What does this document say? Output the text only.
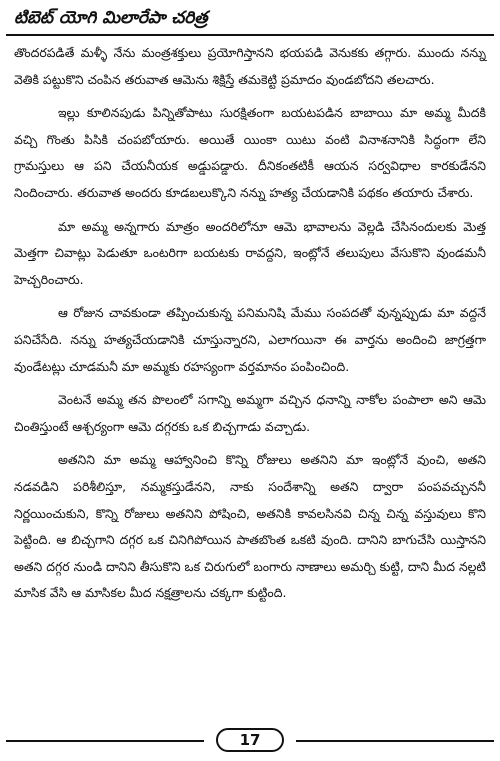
టిబెట్ యోగి మిలారేపా చరిత్ర

తొందరపడితే మళ్ళీ నేను మంత్రశక్తులు ప్రయోగిస్తానని భయపడి వెనుకకు తగ్గారు. ముందు నన్ను వెతికి పట్టుకొని చంపిన తరువాత ఆమెను శిక్షిస్తే తమకెట్టి ప్రమాదం వుండబోదని తలచారు.

ఇల్లు కూలినపుడు పిన్నితోపాటు సురక్షితంగా బయటపడిన బాబాయి మా అమ్మ మీదకి వచ్చి గొంతు పిసికి చంపబోయారు. అయితే యింకా యిటు వంటి వినాశనానికి సిద్ధంగా లేని గ్రామస్తులు ఆ పని చేయనీయక అడ్డుపడ్డారు. దీనికంతటికీ ఆయన సర్వవిధాల కారకుడేనని నిందించారు. తరువాత అందరు కూడబలుక్కొని నన్ను హత్య చేయడానికి పథకం తయారు చేశారు.

మా అమ్మ అన్నగారు మాత్రం అందరిలోనూ ఆమె భావాలను వెల్లడి చేసినందులకు మెత్త మెత్తగా చివాట్లు పెడుతూ ఒంటరిగా బయటకు రావద్దని, ఇంట్లోనే తలుపులు వేసుకొని వుండమనీ హెచ్చరించారు.

ఆ రోజున చావకుండా తప్పించుకున్న పనిమనిషి మేము సంపదతో వున్నప్పుడు మా వద్దనే పనిచేసేది. నన్ను హత్యచేయడానికి చూస్తున్నారని, ఎలాగయినా ఈ వార్తను అందించి జాగ్రత్తగా వుండేటట్లు చూడమనీ మా అమ్మకు రహస్యంగా వర్తమానం పంపించింది.

వెంటనే అమ్మ తన పొలంలో సగాన్ని అమ్మగా వచ్చిన ధనాన్ని నాకోల పంపాలా అని ఆమె చింతిస్తుంటే ఆశ్చర్యంగా ఆమె దగ్గరకు ఒక బిచ్చగాడు వచ్చాడు.

అతనిని మా అమ్మ ఆహ్వానించి కొన్ని రోజులు అతనిని మా ఇంట్లోనే వుంచి, అతని నడవడిని పరిశీలిస్తూ, నమ్మకస్తుడేనని, నాకు సందేశాన్ని అతని ద్వారా పంపవచ్చుననీ నిర్ణయించుకుని, కొన్ని రోజులు అతనిని పోషించి, అతనికి కావలసినవి చిన్న చిన్న వస్తువులు కొని పెట్టింది. ఆ బిచ్చగాని దగ్గర ఒక చినిగిపోయిన పాతబొంత ఒకటి వుంది. దానిని బాగుచేసి యిస్తానని అతని దగ్గర నుండి దానిని తీసుకొని ఒక చిరుగులో బంగారు నాణాలు అమర్చి కుట్టి, దాని మీద నల్లటి మాసిక వేసి ఆ మాసికల మీద నక్షత్రాలను చక్కగా కుట్టింది.

17
